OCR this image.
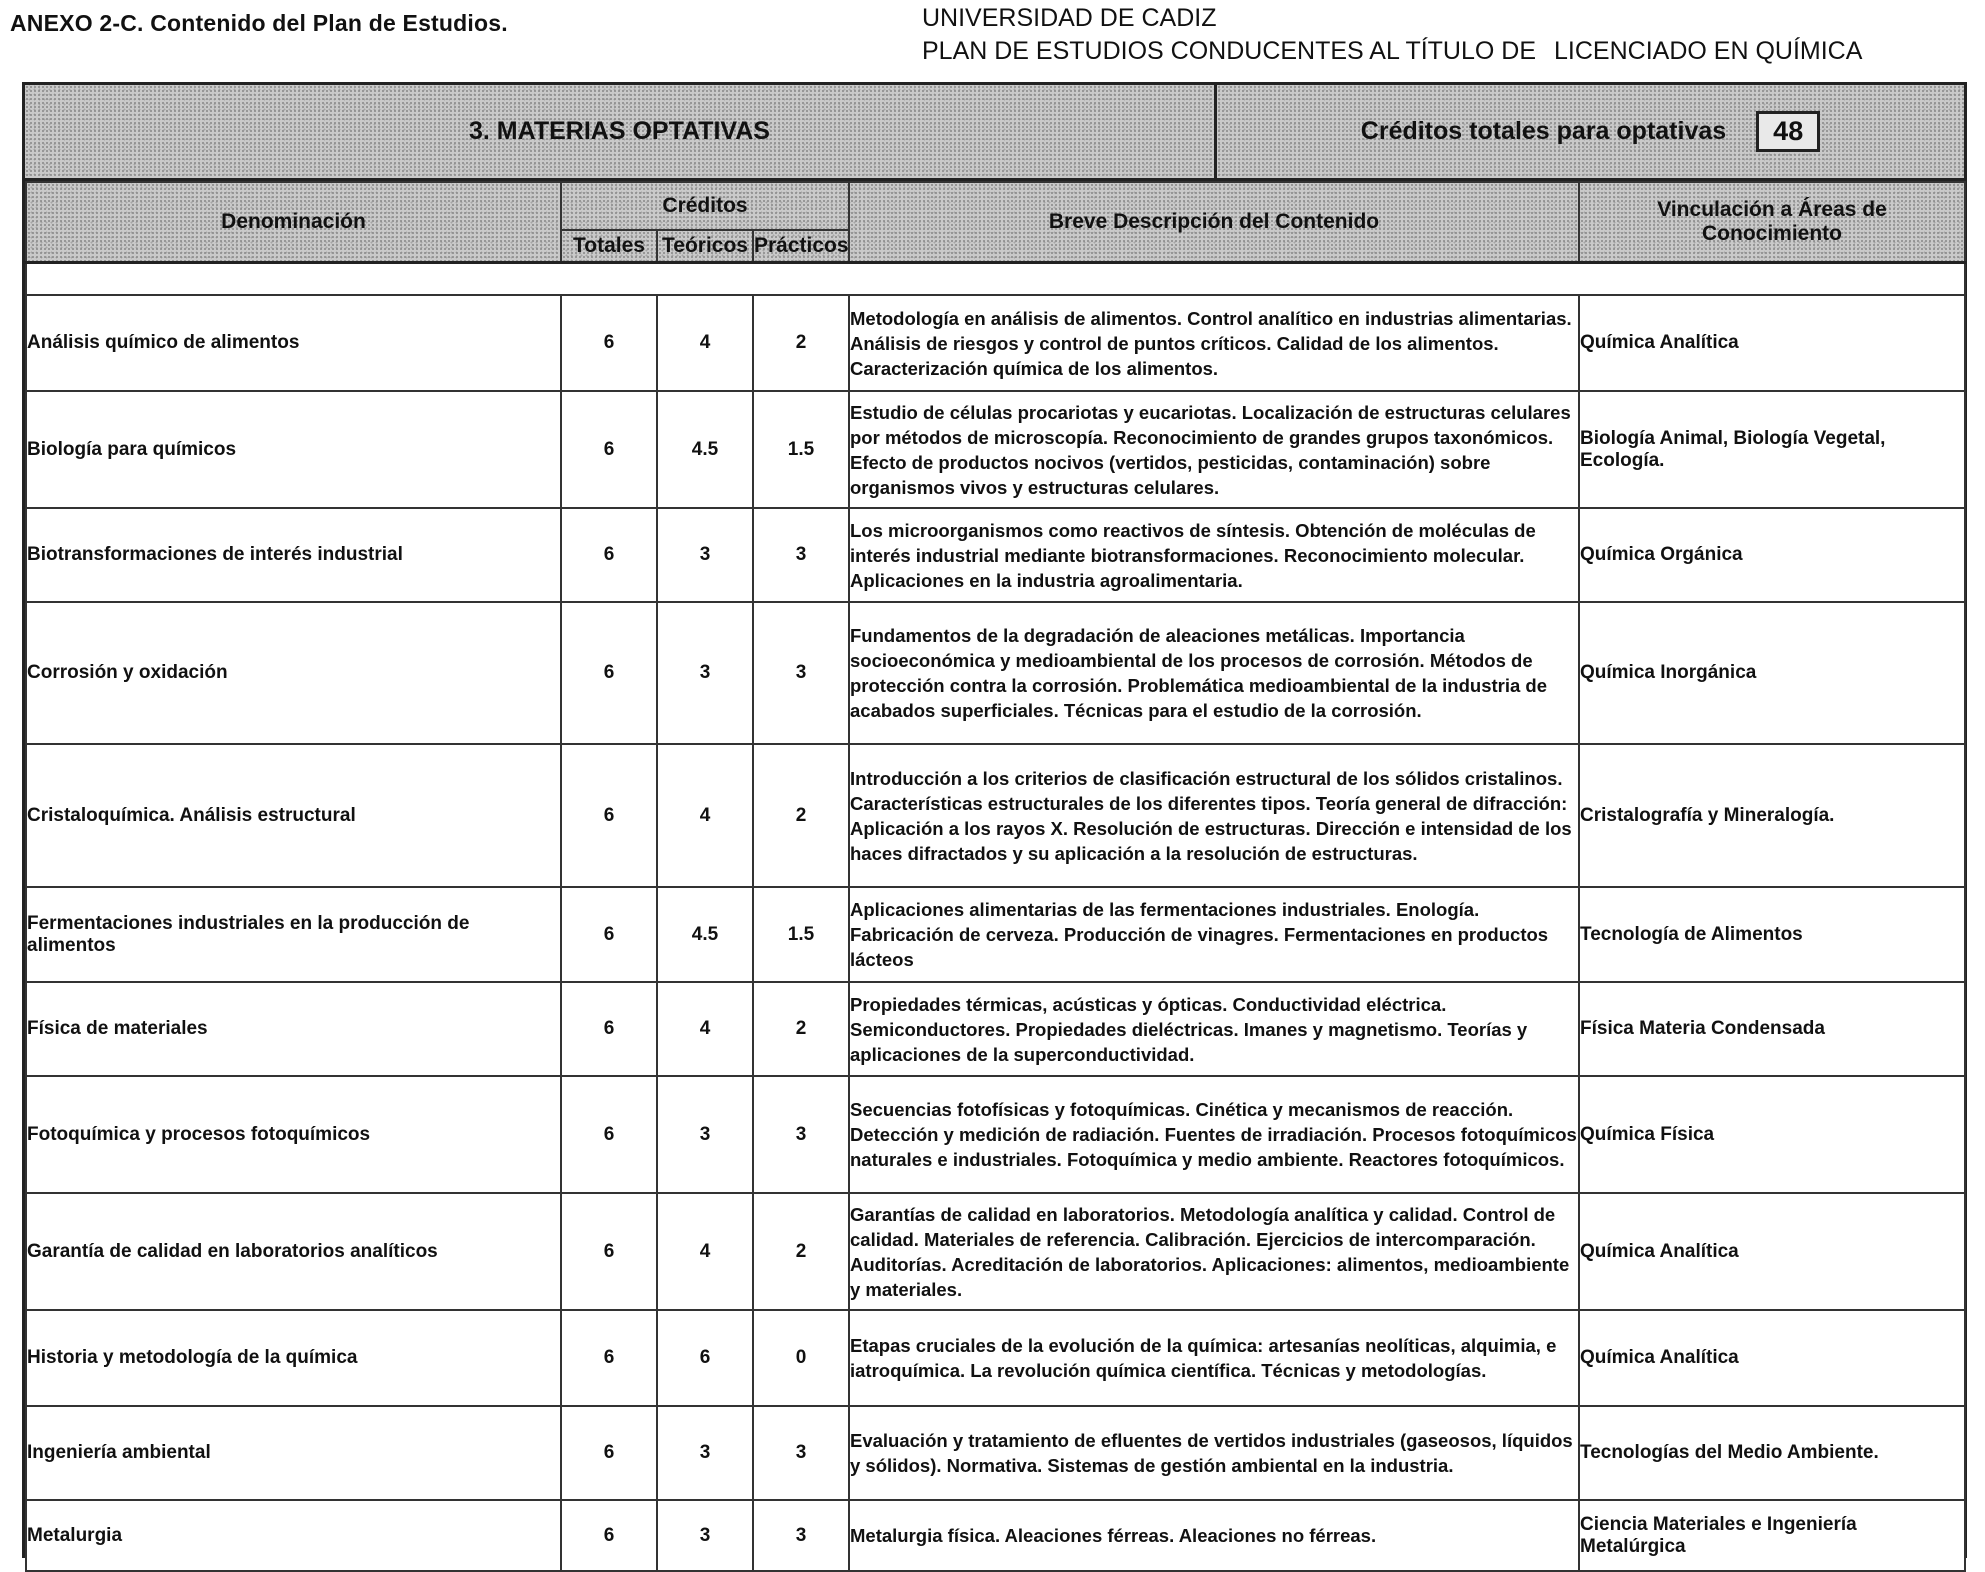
ANEXO 2-C. Contenido del Plan de Estudios.	UNIVERSIDAD DE CADIZ
PLAN DE ESTUDIOS CONDUCENTES AL TÍTULO DE LICENCIADO EN QUÍMICA
3. MATERIAS OPTATIVAS	Créditos totales para optativas	48
Denominación	Créditos			Breve Descripción del Contenido	Vinculación a Áreas de Conocimiento
	Totales	Teóricos	Prácticos		

Análisis químico de alimentos	6	4	2	Metodología en análisis de alimentos. Control analítico en industrias alimentarias. Análisis de riesgos y control de puntos críticos. Calidad de los alimentos. Caracterización química de los alimentos.	Química Analítica
Biología para químicos	6	4.5	1.5	Estudio de células procariotas y eucariotas. Localización de estructuras celulares por métodos de microscopía. Reconocimiento de grandes grupos taxonómicos. Efecto de productos nocivos (vertidos, pesticidas, contaminación) sobre organismos vivos y estructuras celulares.	Biología Animal, Biología Vegetal, Ecología.
Biotransformaciones de interés industrial	6	3	3	Los microorganismos como reactivos de síntesis. Obtención de moléculas de interés industrial mediante biotransformaciones. Reconocimiento molecular. Aplicaciones en la industria agroalimentaria.	Química Orgánica
Corrosión y oxidación	6	3	3	Fundamentos de la degradación de aleaciones metálicas. Importancia socioeconómica y medioambiental de los procesos de corrosión. Métodos de protección contra la corrosión. Problemática medioambiental de la industria de acabados superficiales. Técnicas para el estudio de la corrosión.	Química Inorgánica
Cristaloquímica. Análisis estructural	6	4	2	Introducción a los criterios de clasificación estructural de los sólidos cristalinos. Características estructurales de los diferentes tipos. Teoría general de difracción: Aplicación a los rayos X. Resolución de estructuras. Dirección e intensidad de los haces difractados y su aplicación a la resolución de estructuras.	Cristalografía y Mineralogía.
Fermentaciones industriales en la producción de alimentos	6	4.5	1.5	Aplicaciones alimentarias de las fermentaciones industriales. Enología. Fabricación de cerveza. Producción de vinagres. Fermentaciones en productos lácteos	Tecnología de Alimentos
Física de materiales	6	4	2	Propiedades térmicas, acústicas y ópticas. Conductividad eléctrica. Semiconductores. Propiedades dieléctricas. Imanes y magnetismo. Teorías y aplicaciones de la superconductividad.	Física Materia Condensada
Fotoquímica y procesos fotoquímicos	6	3	3	Secuencias fotofísicas y fotoquímicas. Cinética y mecanismos de reacción. Detección y medición de radiación. Fuentes de irradiación. Procesos fotoquímicos naturales e industriales. Fotoquímica y medio ambiente. Reactores fotoquímicos.	Química Física
Garantía de calidad en laboratorios analíticos	6	4	2	Garantías de calidad en laboratorios. Metodología analítica y calidad. Control de calidad. Materiales de referencia. Calibración. Ejercicios de intercomparación. Auditorías. Acreditación de laboratorios. Aplicaciones: alimentos, medioambiente y materiales.	Química Analítica
Historia y metodología de la química	6	6	0	Etapas cruciales de la evolución de la química: artesanías neolíticas, alquimia, e iatroquímica. La revolución química científica. Técnicas y metodologías.	Química Analítica
Ingeniería ambiental	6	3	3	Evaluación y tratamiento de efluentes de vertidos industriales (gaseosos, líquidos y sólidos). Normativa. Sistemas de gestión ambiental en la industria.	Tecnologías del Medio Ambiente.
Metalurgia	6	3	3	Metalurgia física. Aleaciones férreas. Aleaciones no férreas.	Ciencia Materiales e Ingeniería Metalúrgica
